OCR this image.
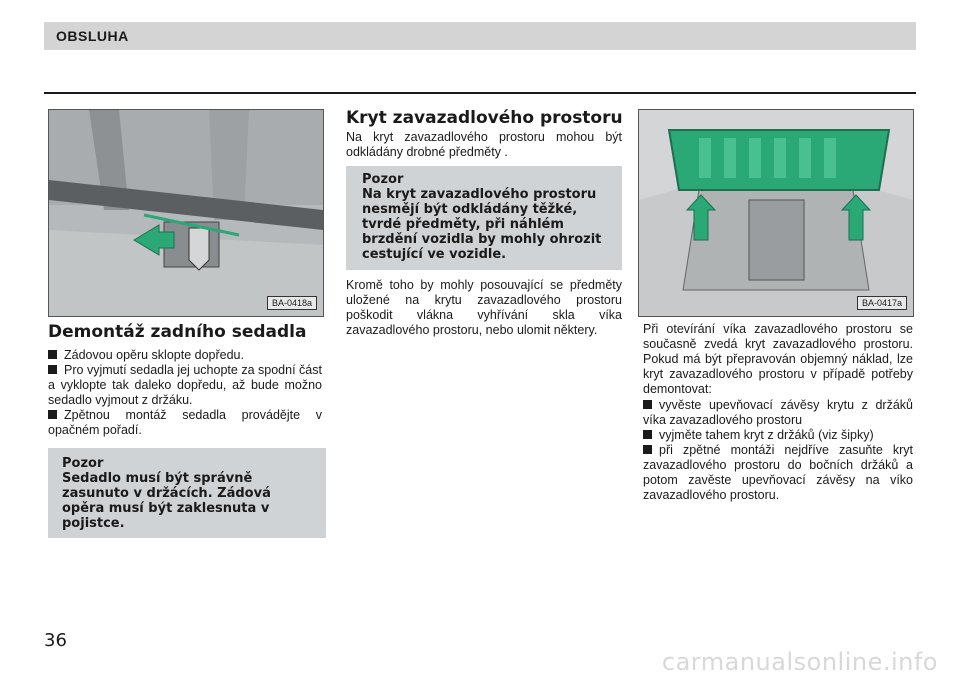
OBSLUHA
BA-0418a	BA-0417a
Demontáž zadního sedadla

Zádovou opěru sklopte dopředu.

Pro vyjmutí sedadla jej uchopte za spodní část a vyklopte tak daleko dopředu, až bude možno sedadlo vyjmout z držáku.

Zpětnou montáž sedadla provádějte v opačném pořadí.

Pozor
Sedadlo musí být správně zasunuto v držácích. Zádová opěra musí být zaklesnuta v pojistce.
Kryt zavazadlového prostoru

Na kryt zavazadlového prostoru mohou být odkládány drobné předměty .

Pozor
Na kryt zavazadlového prostoru nesmějí být odkládány těžké, tvrdé předměty, při náhlém brzdění vozidla by mohly ohrozit cestující ve vozidle.

Kromě toho by mohly posouvající se předměty uložené na krytu zavazadlového prostoru poškodit vlákna vyhřívání skla víka zavazadlového prostoru, nebo ulomit některy.	Při otevírání víka zavazadlového prostoru se současně zvedá kryt zavazadlového prostoru. Pokud má být přepravován objemný náklad, lze kryt zavazadlového prostoru v případě potřeby demontovat:

vyvěste upevňovací závěsy krytu z držáků víka zavazadlového prostoru

vyjměte tahem kryt z držáků (viz šipky)

při zpětné montáži nejdříve zasuňte kryt zavazadlového prostoru do bočních držáků a potom zavěste upevňovací závěsy na víko zavazadlového prostoru.

36
carmanualsonline.info
